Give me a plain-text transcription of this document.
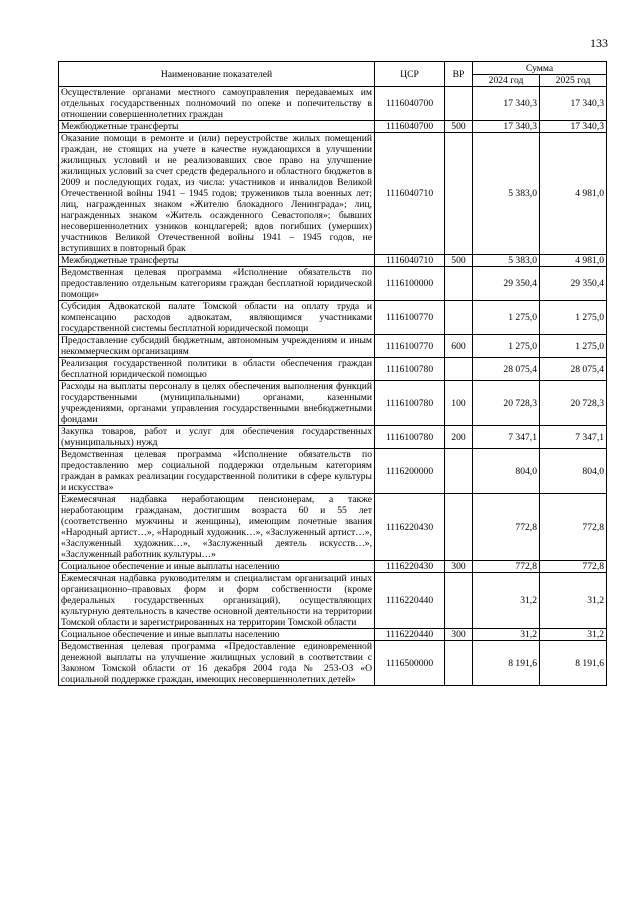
133
Наименование показателей	ЦСР	ВР	Сумма	
			2024 год	2025 год
Осуществление органами местного самоуправления передаваемых им отдельных государственных полномочий по опеке и попечительству в отношении совершеннолетних граждан	1116040700		17 340,3	17 340,3
Межбюджетные трансферты	1116040700	500	17 340,3	17 340,3
Оказание помощи в ремонте и (или) переустройстве жилых помещений граждан, не стоящих на учете в качестве нуждающихся в улучшении жилищных условий и не реализовавших свое право на улучшение жилищных условий за счет средств федерального и областного бюджетов в 2009 и последующих годах, из числа: участников и инвалидов Великой Отечественной войны 1941 – 1945 годов; тружеников тыла военных лет; лиц, награжденных знаком «Жителю блокадного Ленинграда»; лиц, награжденных знаком «Житель осажденного Севастополя»; бывших несовершеннолетних узников концлагерей; вдов погибших (умерших) участников Великой Отечественной войны 1941 – 1945 годов, не вступивших в повторный брак	1116040710		5 383,0	4 981,0
Межбюджетные трансферты	1116040710	500	5 383,0	4 981,0
Ведомственная целевая программа «Исполнение обязательств по предоставлению отдельным категориям граждан бесплатной юридической помощи»	1116100000		29 350,4	29 350,4
Субсидия Адвокатской палате Томской области на оплату труда и компенсацию расходов адвокатам, являющимся участниками государственной системы бесплатной юридической помощи	1116100770		1 275,0	1 275,0
Предоставление субсидий бюджетным, автономным учреждениям и иным некоммерческим организациям	1116100770	600	1 275,0	1 275,0
Реализация государственной политики в области обеспечения граждан бесплатной юридической помощью	1116100780		28 075,4	28 075,4
Расходы на выплаты персоналу в целях обеспечения выполнения функций государственными (муниципальными) органами, казенными учреждениями, органами управления государственными внебюджетными фондами	1116100780	100	20 728,3	20 728,3
Закупка товаров, работ и услуг для обеспечения государственных (муниципальных) нужд	1116100780	200	7 347,1	7 347,1
Ведомственная целевая программа «Исполнение обязательств по предоставлению мер социальной поддержки отдельным категориям граждан в рамках реализации государственной политики в сфере культуры и искусства»	1116200000		804,0	804,0
Ежемесячная надбавка неработающим пенсионерам, а также неработающим гражданам, достигшим возраста 60 и 55 лет (соответственно мужчины и женщины), имеющим почетные звания «Народный артист…», «Народный художник…», «Заслуженный артист…», «Заслуженный художник…», «Заслуженный деятель искусств…», «Заслуженный работник культуры…»	1116220430		772,8	772,8
Социальное обеспечение и иные выплаты населению	1116220430	300	772,8	772,8
Ежемесячная надбавка руководителям и специалистам организаций иных организационно–правовых форм и форм собственности (кроме федеральных государственных организаций), осуществляющих культурную деятельность в качестве основной деятельности на территории Томской области и зарегистрированных на территории Томской области	1116220440		31,2	31,2
Социальное обеспечение и иные выплаты населению	1116220440	300	31,2	31,2
Ведомственная целевая программа «Предоставление единовременной денежной выплаты на улучшение жилищных условий в соответствии с Законом Томской области от 16 декабря 2004 года № 253-ОЗ «О социальной поддержке граждан, имеющих несовершеннолетних детей»	1116500000		8 191,6	8 191,6
